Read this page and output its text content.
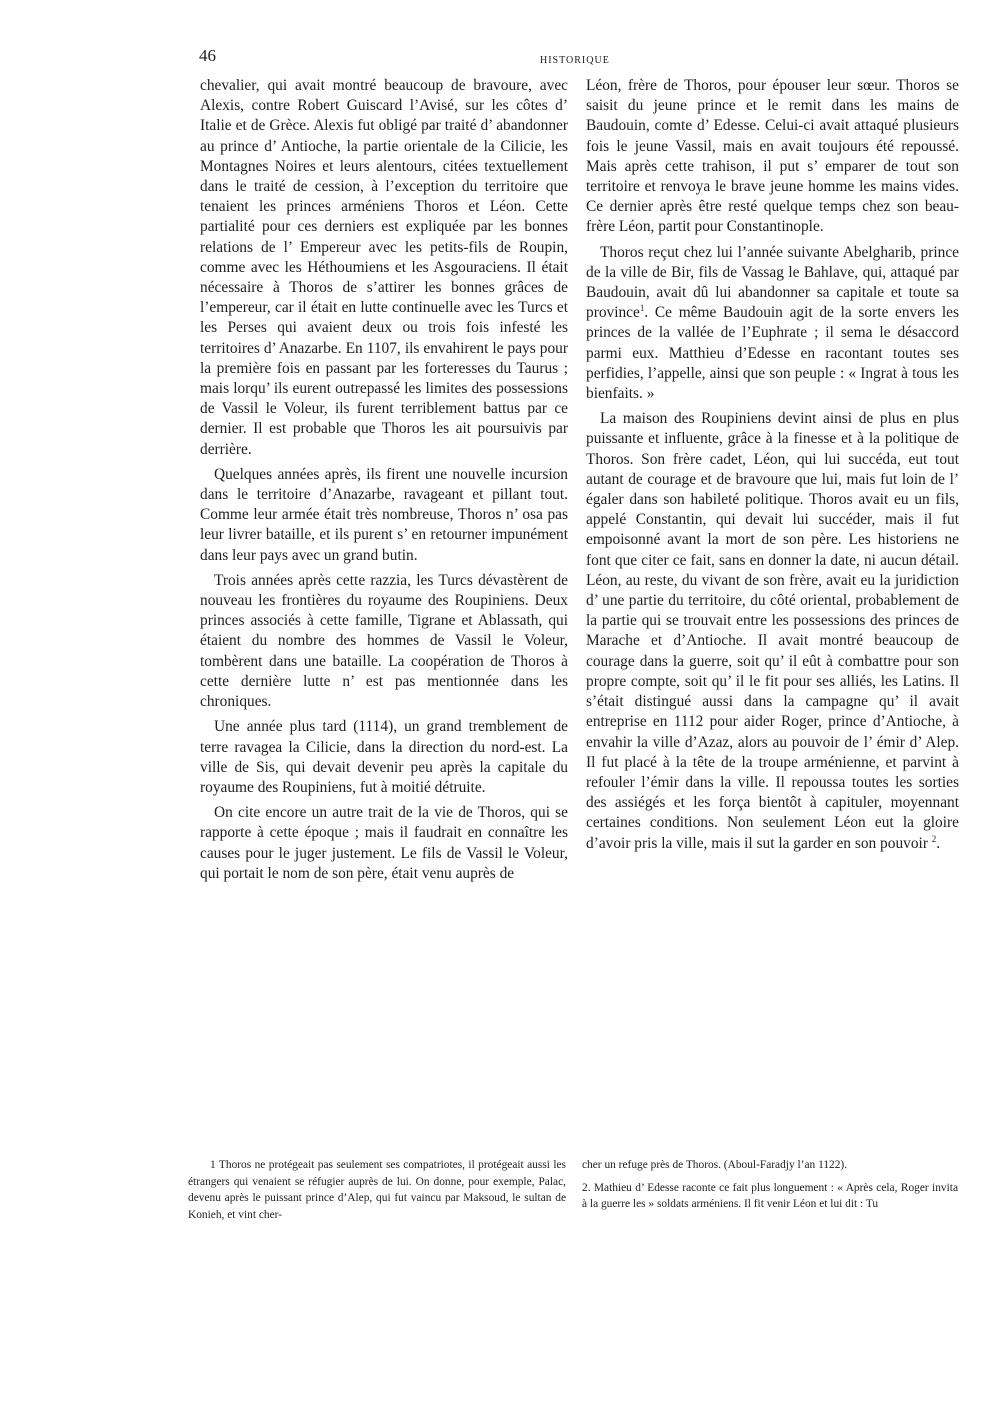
46	HISTORIQUE

chevalier, qui avait montré beaucoup de bravoure, avec Alexis, contre Robert Guiscard l’Avisé, sur les côtes d’ Italie et de Grèce. Alexis fut obligé par traité d’ abandonner au prince d’ Antioche, la partie orientale de la Cilicie, les Montagnes Noires et leurs alentours, citées textuellement dans le traité de cession, à l’exception du territoire que tenaient les princes arméniens Thoros et Léon. Cette partialité pour ces derniers est expliquée par les bonnes relations de l’ Empereur avec les petits-fils de Roupin, comme avec les Héthoumiens et les Asgouraciens. Il était nécessaire à Thoros de s’attirer les bonnes grâces de l’empereur, car il était en lutte continuelle avec les Turcs et les Perses qui avaient deux ou trois fois infesté les territoires d’ Anazarbe. En 1107, ils envahirent le pays pour la première fois en passant par les forteresses du Taurus ; mais lorqu’ ils eurent outrepassé les limites des possessions de Vassil le Voleur, ils furent terriblement battus par ce dernier. Il est probable que Thoros les ait poursuivis par derrière.

Quelques années après, ils firent une nouvelle incursion dans le territoire d’Anazarbe, ravageant et pillant tout. Comme leur armée était très nombreuse, Thoros n’ osa pas leur livrer bataille, et ils purent s’ en retourner impunément dans leur pays avec un grand butin.

Trois années après cette razzia, les Turcs dévastèrent de nouveau les frontières du royaume des Roupiniens. Deux princes associés à cette famille, Tigrane et Ablassath, qui étaient du nombre des hommes de Vassil le Voleur, tombèrent dans une bataille. La coopération de Thoros à cette dernière lutte n’ est pas mentionnée dans les chroniques.

Une année plus tard (1114), un grand tremblement de terre ravagea la Cilicie, dans la direction du nord-est. La ville de Sis, qui devait devenir peu après la capitale du royaume des Roupiniens, fut à moitié détruite.

On cite encore un autre trait de la vie de Thoros, qui se rapporte à cette époque ; mais il faudrait en connaître les causes pour le juger justement. Le fils de Vassil le Voleur, qui portait le nom de son père, était venu auprès de

Léon, frère de Thoros, pour épouser leur sœur. Thoros se saisit du jeune prince et le remit dans les mains de Baudouin, comte d’ Edesse. Celui-ci avait attaqué plusieurs fois le jeune Vassil, mais en avait toujours été repoussé. Mais après cette trahison, il put s’ emparer de tout son territoire et renvoya le brave jeune homme les mains vides. Ce dernier après être resté quelque temps chez son beau-frère Léon, partit pour Constantinople.

Thoros reçut chez lui l’année suivante Abelgharib, prince de la ville de Bir, fils de Vassag le Bahlave, qui, attaqué par Baudouin, avait dû lui abandonner sa capitale et toute sa province$^1$. Ce même Baudouin agit de la sorte envers les princes de la vallée de l’Euphrate ; il sema le désaccord parmi eux. Matthieu d’Edesse en racontant toutes ses perfidies, l’appelle, ainsi que son peuple : « Ingrat à tous les bienfaits. »

La maison des Roupiniens devint ainsi de plus en plus puissante et influente, grâce à la finesse et à la politique de Thoros. Son frère cadet, Léon, qui lui succéda, eut tout autant de courage et de bravoure que lui, mais fut loin de l’ égaler dans son habileté politique. Thoros avait eu un fils, appelé Constantin, qui devait lui succéder, mais il fut empoisonné avant la mort de son père. Les historiens ne font que citer ce fait, sans en donner la date, ni aucun détail. Léon, au reste, du vivant de son frère, avait eu la juridiction d’ une partie du territoire, du côté oriental, probablement de la partie qui se trouvait entre les possessions des princes de Marache et d’Antioche. Il avait montré beaucoup de courage dans la guerre, soit qu’ il eût à combattre pour son propre compte, soit qu’ il le fit pour ses alliés, les Latins. Il s’était distingué aussi dans la campagne qu’ il avait entreprise en 1112 pour aider Roger, prince d’Antioche, à envahir la ville d’Azaz, alors au pouvoir de l’ émir d’ Alep. Il fut placé à la tête de la troupe arménienne, et parvint à refouler l’émir dans la ville. Il repoussa toutes les sorties des assiégés et les força bientôt à capituler, moyennant certaines conditions. Non seulement Léon eut la gloire d’avoir pris la ville, mais il sut la garder en son pouvoir $^2$.

1 Thoros ne protégeait pas seulement ses compatriotes, il protégeait aussi les étrangers qui venaient se réfugier auprès de lui. On donne, pour exemple, Palac, devenu après le puissant prince d’Alep, qui fut vaincu par Maksoud, le sultan de Konieh, et vint cher-

cher un refuge près de Thoros. (Aboul-Faradjy l’an 1122).

2. Mathieu d’ Edesse raconte ce fait plus longuement : « Après cela, Roger invita à la guerre les » soldats arméniens. Il fit venir Léon et lui dit : Tu
